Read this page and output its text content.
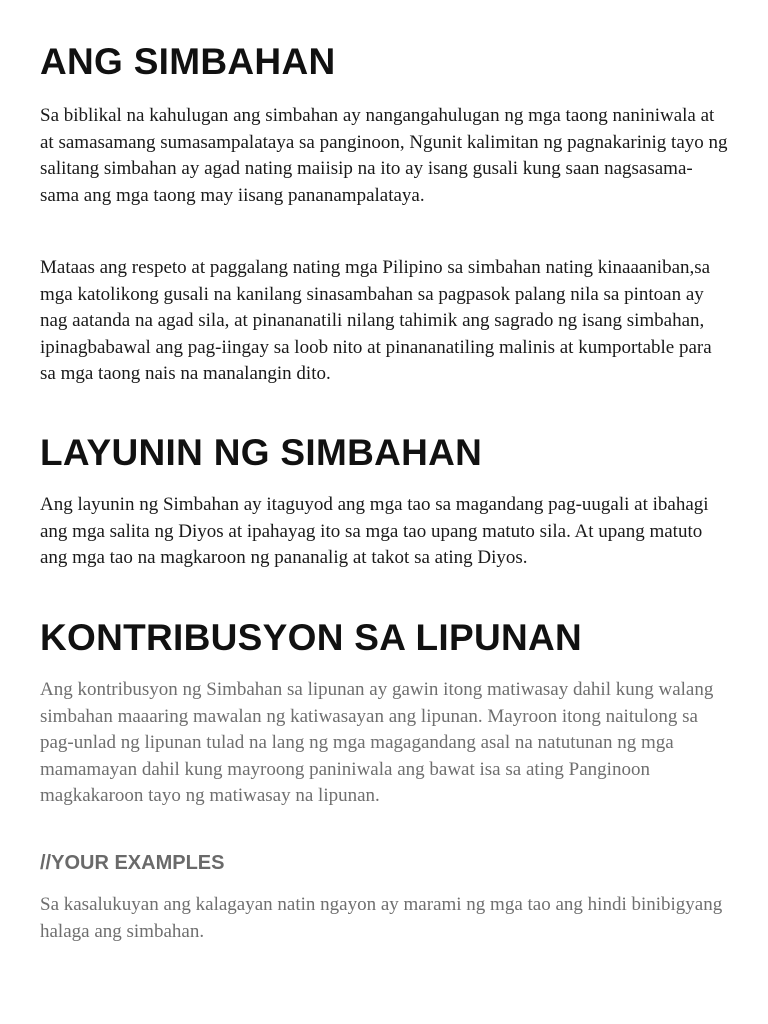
ANG SIMBAHAN

Sa biblikal na kahulugan ang simbahan ay nangangahulugan ng mga taong naniniwala at at samasamang sumasampalataya sa panginoon, Ngunit kalimitan ng pagnakarinig tayo ng salitang simbahan ay agad nating maiisip na ito ay isang gusali kung saan nagsasama-sama ang mga taong may iisang pananampalataya.

Mataas ang respeto at paggalang nating mga Pilipino sa simbahan nating kinaaaniban,sa mga katolikong gusali na kanilang sinasambahan sa pagpasok palang nila sa pintoan ay nag aatanda na agad sila, at pinananatili nilang tahimik ang sagrado ng isang simbahan, ipinagbabawal ang pag-iingay sa loob nito at pinananatiling malinis at kumportable para sa mga taong nais na manalangin dito.

LAYUNIN NG SIMBAHAN

Ang layunin ng Simbahan ay itaguyod ang mga tao sa magandang pag-uugali at ibahagi ang mga salita ng Diyos at ipahayag ito sa mga tao upang matuto sila. At upang matuto ang mga tao na magkaroon ng pananalig at takot sa ating Diyos.

KONTRIBUSYON SA LIPUNAN

Ang kontribusyon ng Simbahan sa lipunan ay gawin itong matiwasay dahil kung walang simbahan maaaring mawalan ng katiwasayan ang lipunan. Mayroon itong naitulong sa pag-unlad ng lipunan tulad na lang ng mga magagandang asal na natutunan ng mga mamamayan dahil kung mayroong paniniwala ang bawat isa sa ating Panginoon magkakaroon tayo ng matiwasay na lipunan.

//YOUR EXAMPLES

Sa kasalukuyan ang kalagayan natin ngayon ay marami ng mga tao ang hindi binibigyang halaga ang simbahan.
